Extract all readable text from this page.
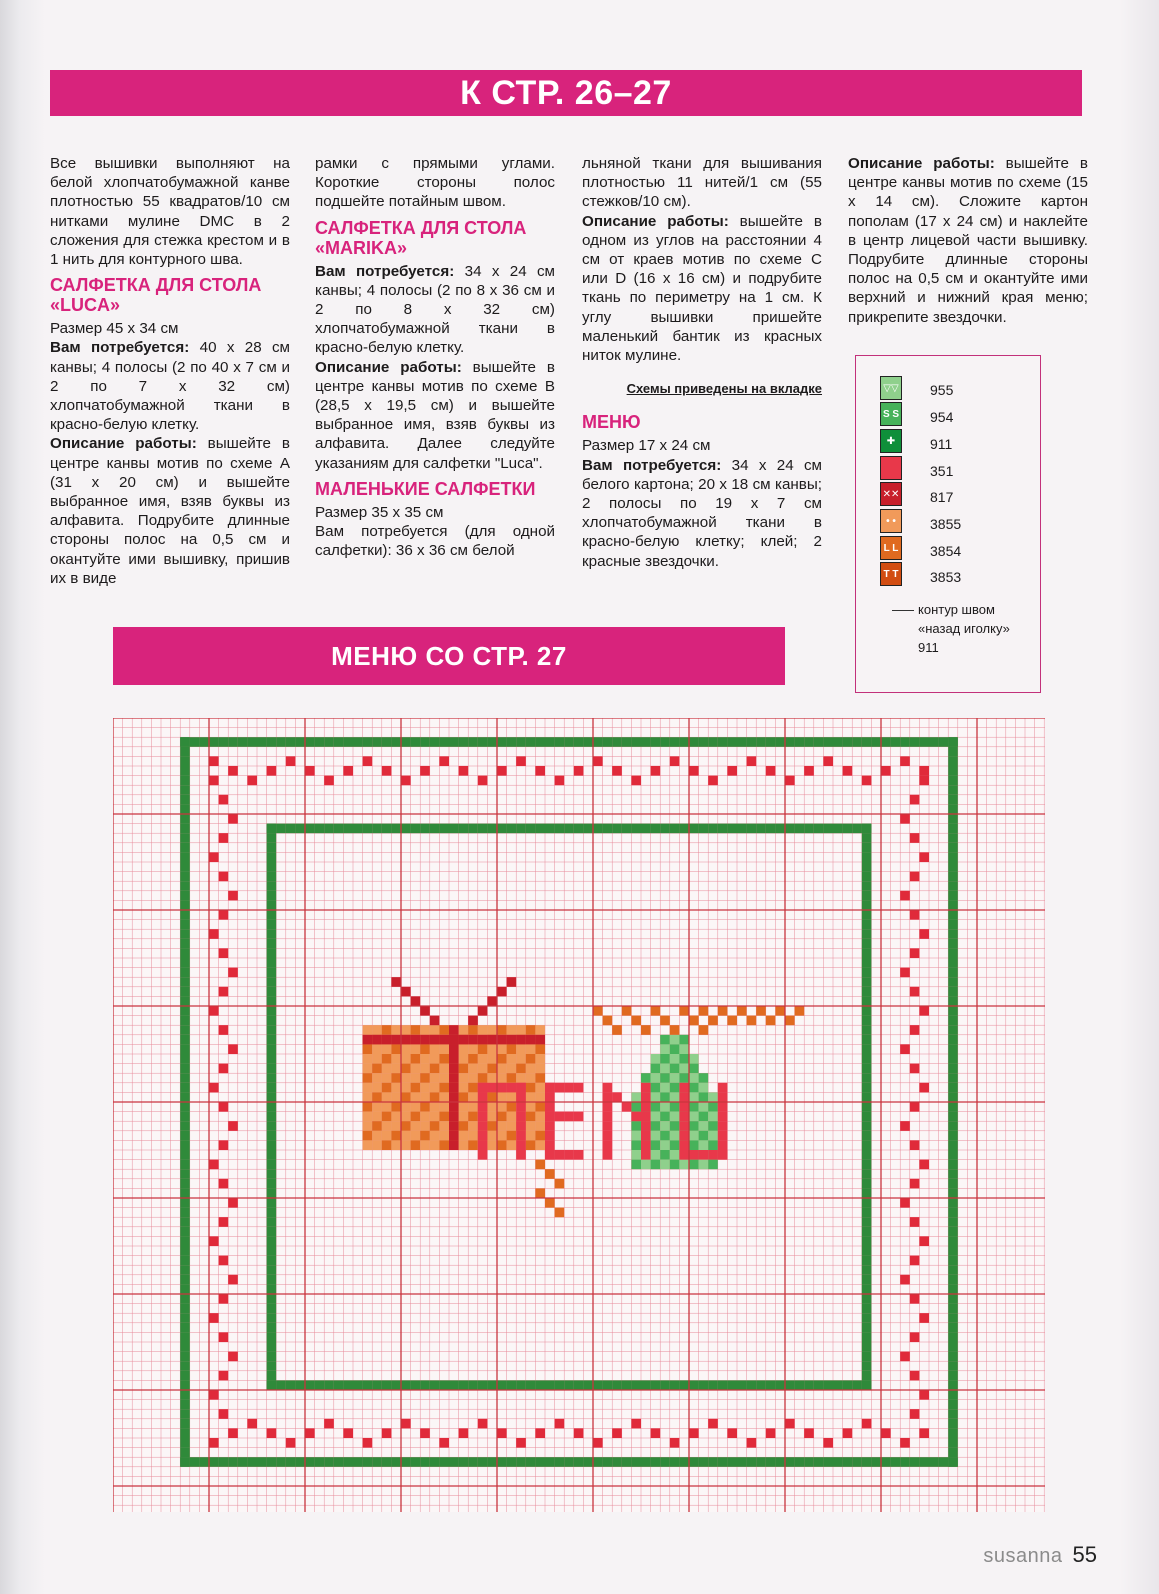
К СТР. 26–27

Все вышивки выполняют на белой хлопчатобумажной канве плотностью 55 квадратов/10 см нитками мулине DMC в 2 сложения для стежка крестом и в 1 нить для контурного шва.

САЛФЕТКА ДЛЯ СТОЛА «LUCA»

Размер 45 x 34 см

Вам потребуется: 40 x 28 см канвы; 4 полосы (2 по 40 x 7 см и 2 по 7 x 32 см) хлопчатобумажной ткани в красно-белую клетку.

Описание работы: вышейте в центре канвы мотив по схеме A (31 x 20 см) и вышейте выбранное имя, взяв буквы из алфавита. Подрубите длинные стороны полос на 0,5 см и окантуйте ими вышивку, пришив их в виде

рамки с прямыми углами. Короткие стороны полос подшейте потайным швом.

САЛФЕТКА ДЛЯ СТОЛА «MARIKA»

Вам потребуется: 34 x 24 см канвы; 4 полосы (2 по 8 x 36 см и 2 по 8 x 32 см) хлопчатобумажной ткани в красно-белую клетку.

Описание работы: вышейте в центре канвы мотив по схеме B (28,5 x 19,5 см) и вышейте выбранное имя, взяв буквы из алфавита. Далее следуйте указаниям для салфетки "Luca".

МАЛЕНЬКИЕ САЛФЕТКИ

Размер 35 x 35 см

Вам потребуется (для одной салфетки): 36 x 36 см белой

льняной ткани для вышивания плотностью 11 нитей/1 см (55 стежков/10 см).

Описание работы: вышейте в одном из углов на расстоянии 4 см от краев мотив по схеме C или D (16 x 16 см) и подрубите ткань по периметру на 1 см. К углу вышивки пришейте маленький бантик из красных ниток мулине.

Схемы приведены на вкладке
МЕНЮ

Размер 17 x 24 см

Вам потребуется: 34 x 24 см белого картона; 20 x 18 см канвы; 2 полосы по 19 x 7 см хлопчатобумажной ткани в красно-белую клетку; клей; 2 красные звездочки.

Описание работы: вышейте в центре канвы мотив по схеме (15 x 14 см). Сложите картон пополам (17 x 24 см) и наклейте в центр лицевой части вышивку. Подрубите длинные стороны полос на 0,5 см и окантуйте ими верхний и нижний края меню; прикрепите звездочки.

▽▽ 955
S S 954
✚ 911
351
✕✕ 817
• • 3855
L L 3854
T T 3853
контур швом
«назад иголку»
911
МЕНЮ СО СТР. 27
susanna 55
